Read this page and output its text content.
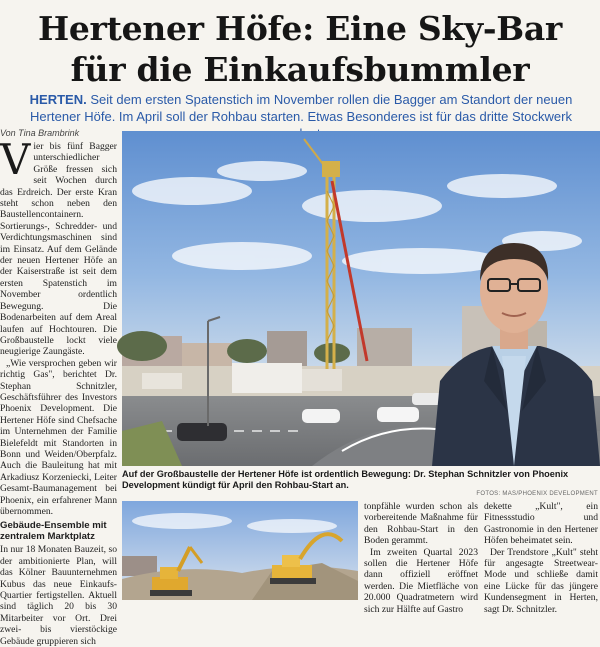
Hertener Höfe: Eine Sky-Bar
für die Einkaufsbummler

HERTEN. Seit dem ersten Spatenstich im November rollen die Bagger am Standort der neuen Hertener Höfe. Im April soll der Rohbau starten. Etwas Besonderes ist für das dritte Stockwerk

Von Tina Brambrink

Vier bis fünf Bagger unterschiedlicher Größe fressen sich seit Wochen durch das Erdreich. Der erste Kran steht schon neben den Baustellencontainern. Sortierungs-, Schredder- und Verdichtungsmaschinen sind im Einsatz. Auf dem Gelände der neuen Hertener Höfe an der Kaiserstraße ist seit dem ersten Spatenstich im November ordentlich Bewegung. Die Bodenarbeiten auf dem Areal laufen auf Hochtouren. Die Großbaustelle lockt viele neugierige Zaungäste.

„Wie versprochen geben wir richtig Gas", berichtet Dr. Stephan Schnitzler, Geschäftsführer des Investors Phoenix Development. Die Hertener Höfe sind Chefsache im Unternehmen der Familie Bielefeldt mit Standorten in Bonn und Weiden/Oberpfalz. Auch die Bauleitung hat mit Arkadiusz Korzeniecki, Leiter Gesamt-Baumanagement bei Phoenix, ein erfahrener Mann übernommen.

Gebäude-Ensemble mit zentralem Marktplatz

In nur 18 Monaten Bauzeit, so der ambitionierte Plan, will das Kölner Bauunternehmen Kubus das neue Einkaufs-Quartier fertigstellen. Aktuell sind täglich 20 bis 30 Mitarbeiter vor Ort. Drei zwei- bis vierstöckige Gebäude gruppieren sich

Auf der Großbaustelle der Hertener Höfe ist ordentlich Bewegung: Dr. Stephan Schnitzler von Phoenix Development kündigt für April den Rohbau-Start an.

FOTOS: MAS/PHOENIX DEVELOPMENT

tonpfähle wurden schon als vorbereitende Maßnahme für den Rohbau-Start in den Boden gerammt.

Im zweiten Quartal 2023 sollen die Hertener Höfe dann offiziell eröffnet werden. Die Mietfläche von 20.000 Quadratmetern wird sich zur Hälfte auf Gastro

dekette „Kult", ein Fitnessstudio und Gastronomie in den Hertener Höfen beheimatet sein.

Der Trendstore „Kult" steht für angesagte Streetwear-Mode und schließe damit eine Lücke für das jüngere Kundensegment in Herten, sagt Dr. Schnitzler.
